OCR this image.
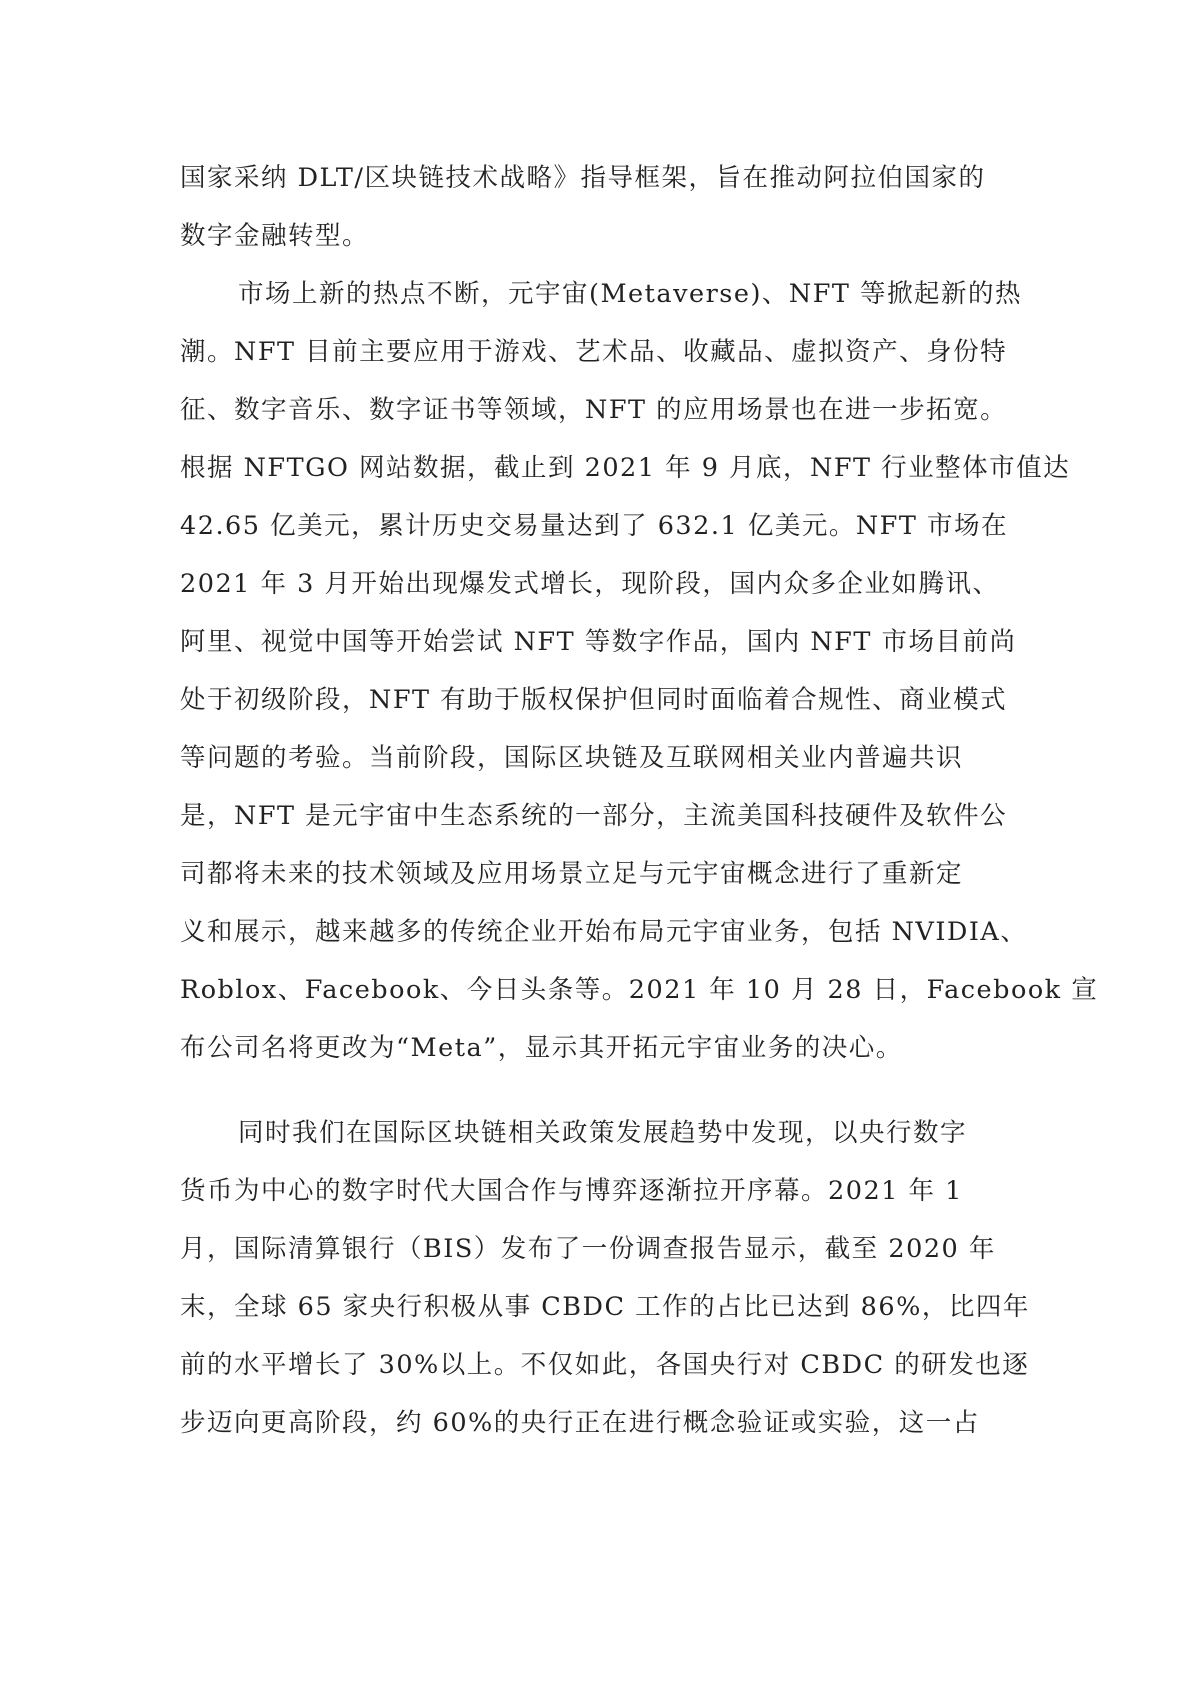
国家采纳 DLT/区块链技术战略》指导框架，旨在推动阿拉伯国家的

数字金融转型。

市场上新的热点不断，元宇宙(Metaverse)、NFT 等掀起新的热

潮。NFT 目前主要应用于游戏、艺术品、收藏品、虚拟资产、身份特

征、数字音乐、数字证书等领域，NFT 的应用场景也在进一步拓宽。

根据 NFTGO 网站数据，截止到 2021 年 9 月底，NFT 行业整体市值达

42.65 亿美元，累计历史交易量达到了 632.1 亿美元。NFT 市场在

2021 年 3 月开始出现爆发式增长，现阶段，国内众多企业如腾讯、

阿里、视觉中国等开始尝试 NFT 等数字作品，国内 NFT 市场目前尚

处于初级阶段，NFT 有助于版权保护但同时面临着合规性、商业模式

等问题的考验。当前阶段，国际区块链及互联网相关业内普遍共识

是，NFT 是元宇宙中生态系统的一部分，主流美国科技硬件及软件公

司都将未来的技术领域及应用场景立足与元宇宙概念进行了重新定

义和展示，越来越多的传统企业开始布局元宇宙业务，包括 NVIDIA、

Roblox、Facebook、今日头条等。2021 年 10 月 28 日，Facebook 宣

布公司名将更改为“Meta”，显示其开拓元宇宙业务的决心。

同时我们在国际区块链相关政策发展趋势中发现，以央行数字

货币为中心的数字时代大国合作与博弈逐渐拉开序幕。2021 年 1

月，国际清算银行（BIS）发布了一份调查报告显示，截至 2020 年

末，全球 65 家央行积极从事 CBDC 工作的占比已达到 86%，比四年

前的水平增长了 30%以上。不仅如此，各国央行对 CBDC 的研发也逐

步迈向更高阶段，约 60%的央行正在进行概念验证或实验，这一占
